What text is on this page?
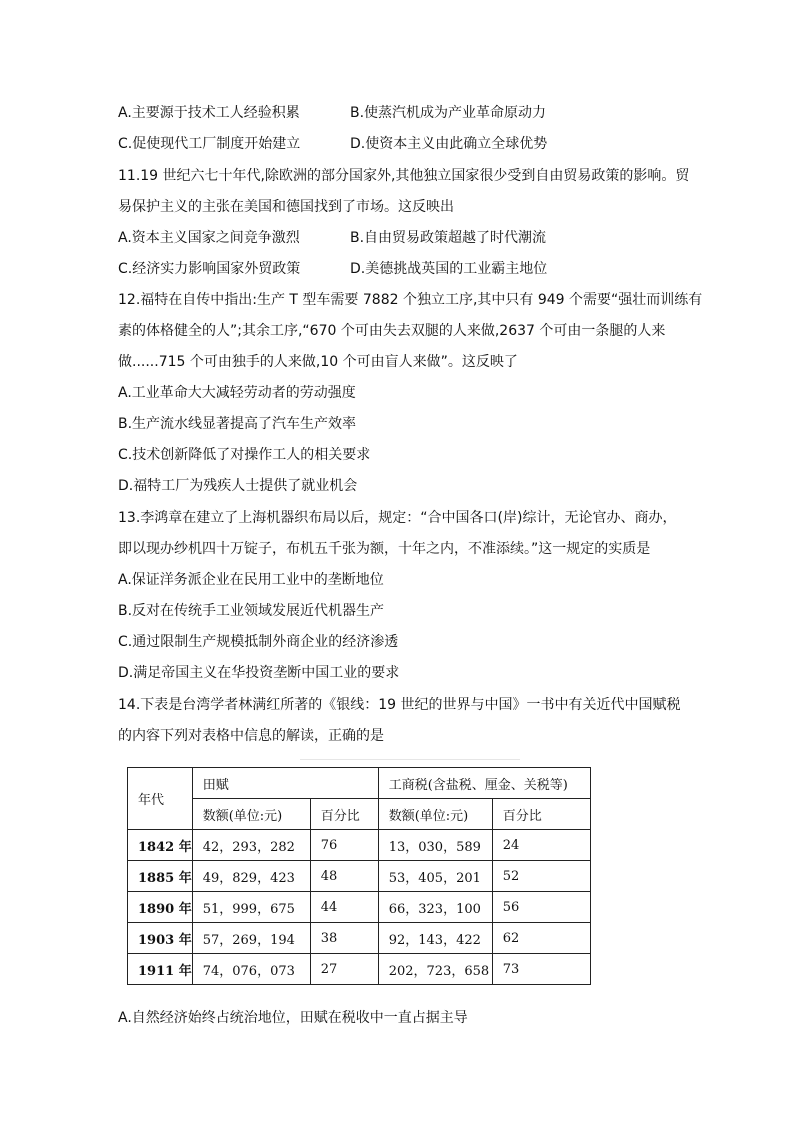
A.主要源于技术工人经验积累	B.使蒸汽机成为产业革命原动力
C.促使现代工厂制度开始建立	D.使资本主义由此确立全球优势
11.19 世纪六七十年代,除欧洲的部分国家外,其他独立国家很少受到自由贸易政策的影响。贸
易保护主义的主张在美国和德国找到了市场。这反映出
A.资本主义国家之间竞争激烈	B.自由贸易政策超越了时代潮流
C.经济实力影响国家外贸政策	D.美德挑战英国的工业霸主地位
12.福特在自传中指出:生产 T 型车需要 7882 个独立工序,其中只有 949 个需要“强壮而训练有
素的体格健全的人”;其余工序,“670 个可由失去双腿的人来做,2637 个可由一条腿的人来
做......715 个可由独手的人来做,10 个可由盲人来做”。这反映了
A.工业革命大大减轻劳动者的劳动强度
B.生产流水线显著提高了汽车生产效率
C.技术创新降低了对操作工人的相关要求
D.福特工厂为残疾人士提供了就业机会
13.李鸿章在建立了上海机器织布局以后，规定：“合中国各口(岸)综计，无论官办、商办，
即以现办纱机四十万锭子，布机五千张为额，十年之内，不准添续。”这一规定的实质是
A.保证洋务派企业在民用工业中的垄断地位
B.反对在传统手工业领域发展近代机器生产
C.通过限制生产规模抵制外商企业的经济渗透
D.满足帝国主义在华投资垄断中国工业的要求
14.下表是台湾学者林满红所著的《银线：19 世纪的世界与中国》一书中有关近代中国赋税
的内容下列对表格中信息的解读，正确的是
年代	田赋		工商税(含盐税、厘金、关税等)	
	数额(单位:元)	百分比	数额(单位:元)	百分比
1842 年	42，293，282	76	13，030，589	24
1885 年	49，829，423	48	53，405，201	52
1890 年	51，999，675	44	66，323，100	56
1903 年	57，269，194	38	92，143，422	62
1911 年	74，076，073	27	202，723，658	73
A.自然经济始终占统治地位，田赋在税收中一直占据主导
